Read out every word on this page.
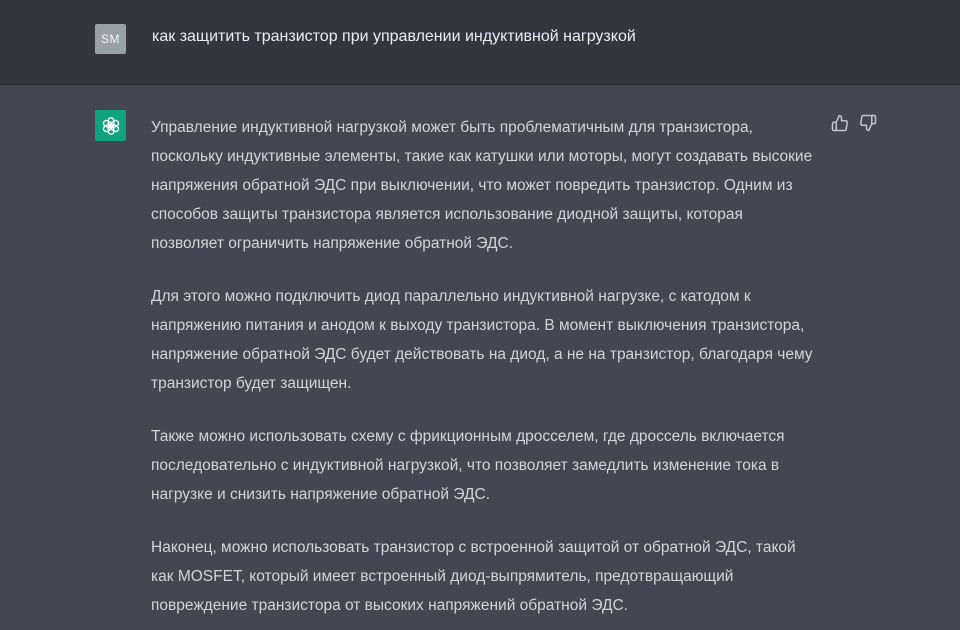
SM	как защитить транзистор при управлении индуктивной нагрузкой

Управление индуктивной нагрузкой может быть проблематичным для транзистора, поскольку индуктивные элементы, такие как катушки или моторы, могут создавать высокие напряжения обратной ЭДС при выключении, что может повредить транзистор. Одним из способов защиты транзистора является использование диодной защиты, которая позволяет ограничить напряжение обратной ЭДС.

Для этого можно подключить диод параллельно индуктивной нагрузке, с катодом к напряжению питания и анодом к выходу транзистора. В момент выключения транзистора, напряжение обратной ЭДС будет действовать на диод, а не на транзистор, благодаря чему транзистор будет защищен.

Также можно использовать схему с фрикционным дросселем, где дроссель включается последовательно с индуктивной нагрузкой, что позволяет замедлить изменение тока в нагрузке и снизить напряжение обратной ЭДС.

Наконец, можно использовать транзистор с встроенной защитой от обратной ЭДС, такой как MOSFET, который имеет встроенный диод-выпрямитель, предотвращающий повреждение транзистора от высоких напряжений обратной ЭДС.
